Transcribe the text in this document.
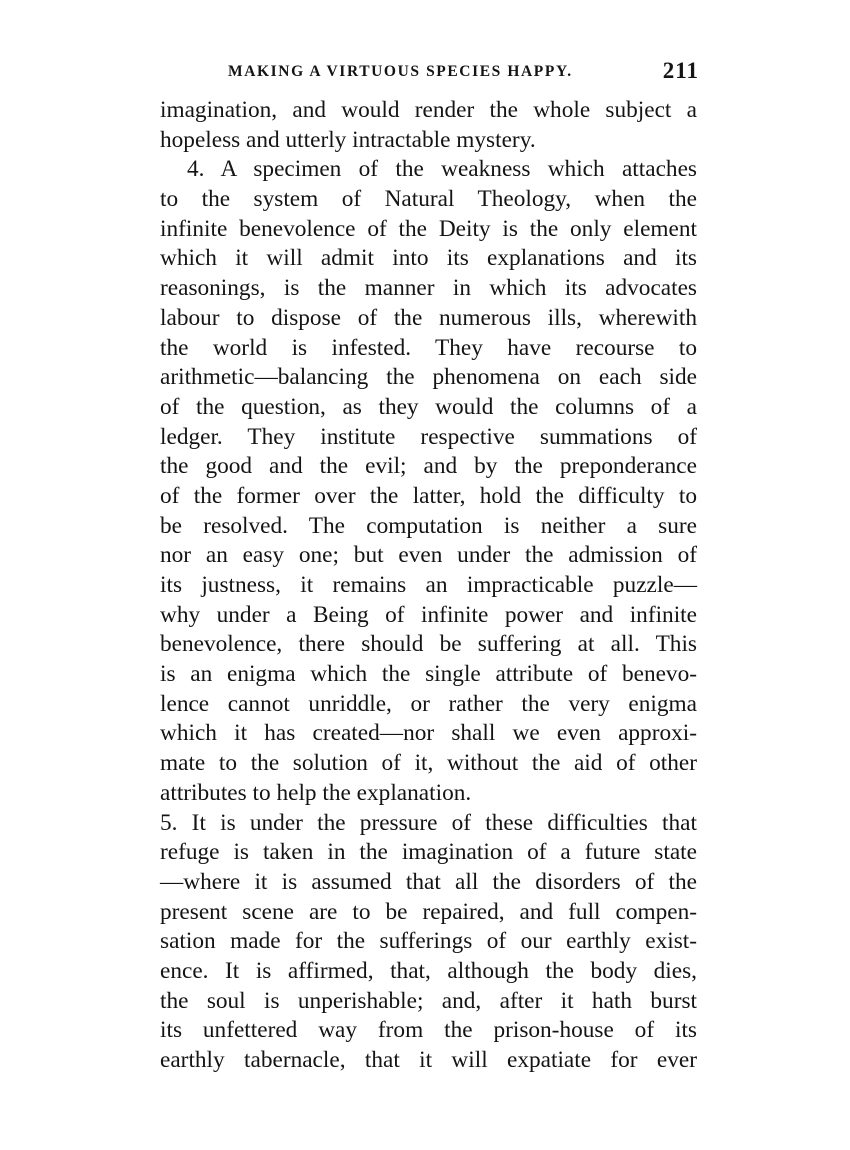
MAKING A VIRTUOUS SPECIES HAPPY.	211
imagination, and would render the whole subject a
hopeless and utterly intractable mystery.
4. A specimen of the weakness which attaches
to the system of Natural Theology, when the
infinite benevolence of the Deity is the only element
which it will admit into its explanations and its
reasonings, is the manner in which its advocates
labour to dispose of the numerous ills, wherewith
the world is infested. They have recourse to
arithmetic—balancing the phenomena on each side
of the question, as they would the columns of a
ledger. They institute respective summations of
the good and the evil; and by the preponderance
of the former over the latter, hold the difficulty to
be resolved. The computation is neither a sure
nor an easy one; but even under the admission of
its justness, it remains an impracticable puzzle—
why under a Being of infinite power and infinite
benevolence, there should be suffering at all. This
is an enigma which the single attribute of benevo-
lence cannot unriddle, or rather the very enigma
which it has created—nor shall we even approxi-
mate to the solution of it, without the aid of other
attributes to help the explanation.
5. It is under the pressure of these difficulties that
refuge is taken in the imagination of a future state
—where it is assumed that all the disorders of the
present scene are to be repaired, and full compen-
sation made for the sufferings of our earthly exist-
ence. It is affirmed, that, although the body dies,
the soul is unperishable; and, after it hath burst
its unfettered way from the prison-house of its
earthly tabernacle, that it will expatiate for ever
